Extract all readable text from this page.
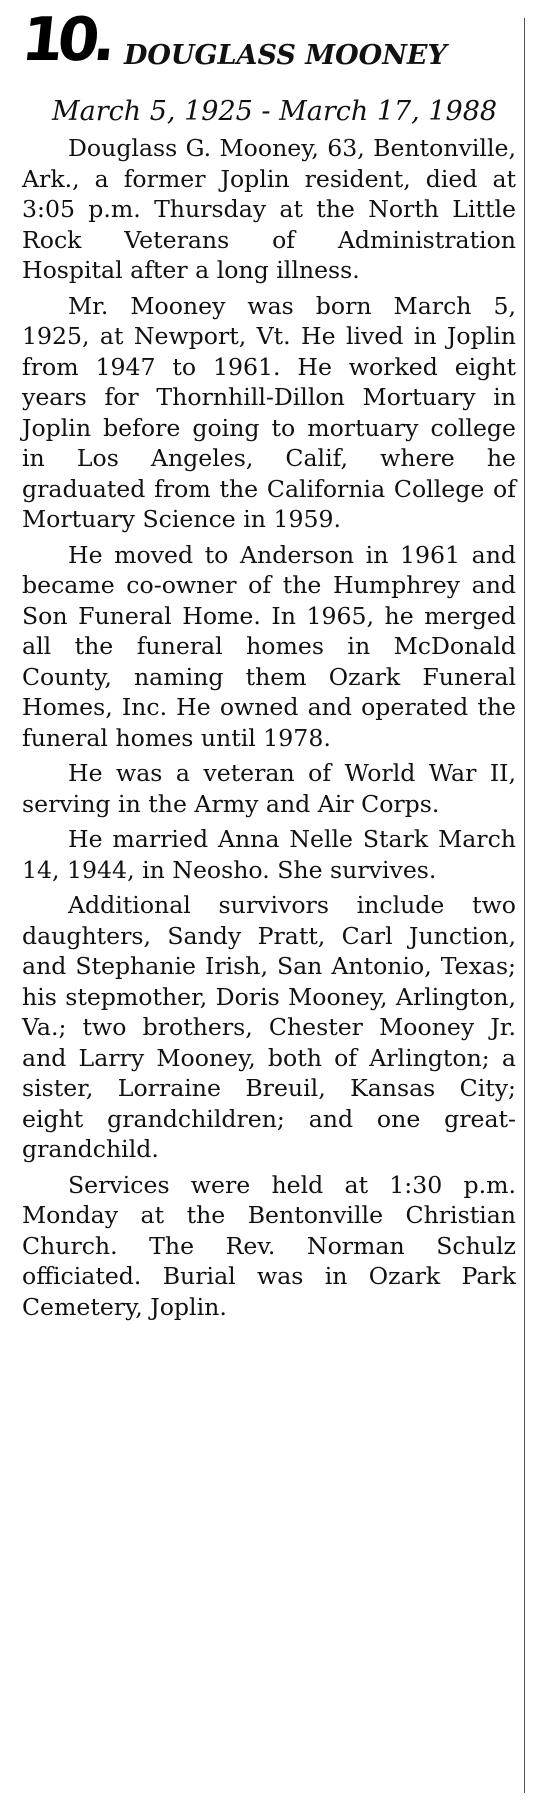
10. DOUGLASS MOONEY
March 5, 1925 - March 17, 1988

Douglass G. Mooney, 63, Bentonville, Ark., a former Joplin resident, died at 3:05 p.m. Thursday at the North Little Rock Veterans of Administration Hospital after a long illness.

Mr. Mooney was born March 5, 1925, at Newport, Vt. He lived in Joplin from 1947 to 1961. He worked eight years for Thornhill-Dillon Mortuary in Joplin before going to mortuary college in Los Angeles, Calif, where he graduated from the California College of Mortuary Science in 1959.

He moved to Anderson in 1961 and became co-owner of the Humphrey and Son Funeral Home. In 1965, he merged all the funeral homes in McDonald County, naming them Ozark Funeral Homes, Inc. He owned and operated the funeral homes until 1978.

He was a veteran of World War II, serving in the Army and Air Corps.

He married Anna Nelle Stark March 14, 1944, in Neosho. She survives.

Additional survivors include two daughters, Sandy Pratt, Carl Junction, and Stephanie Irish, San Antonio, Texas; his stepmother, Doris Mooney, Arlington, Va.; two brothers, Chester Mooney Jr. and Larry Mooney, both of Arlington; a sister, Lorraine Breuil, Kansas City; eight grandchildren; and one great-grandchild.

Services were held at 1:30 p.m. Monday at the Bentonville Christian Church. The Rev. Norman Schulz officiated. Burial was in Ozark Park Cemetery, Joplin.
